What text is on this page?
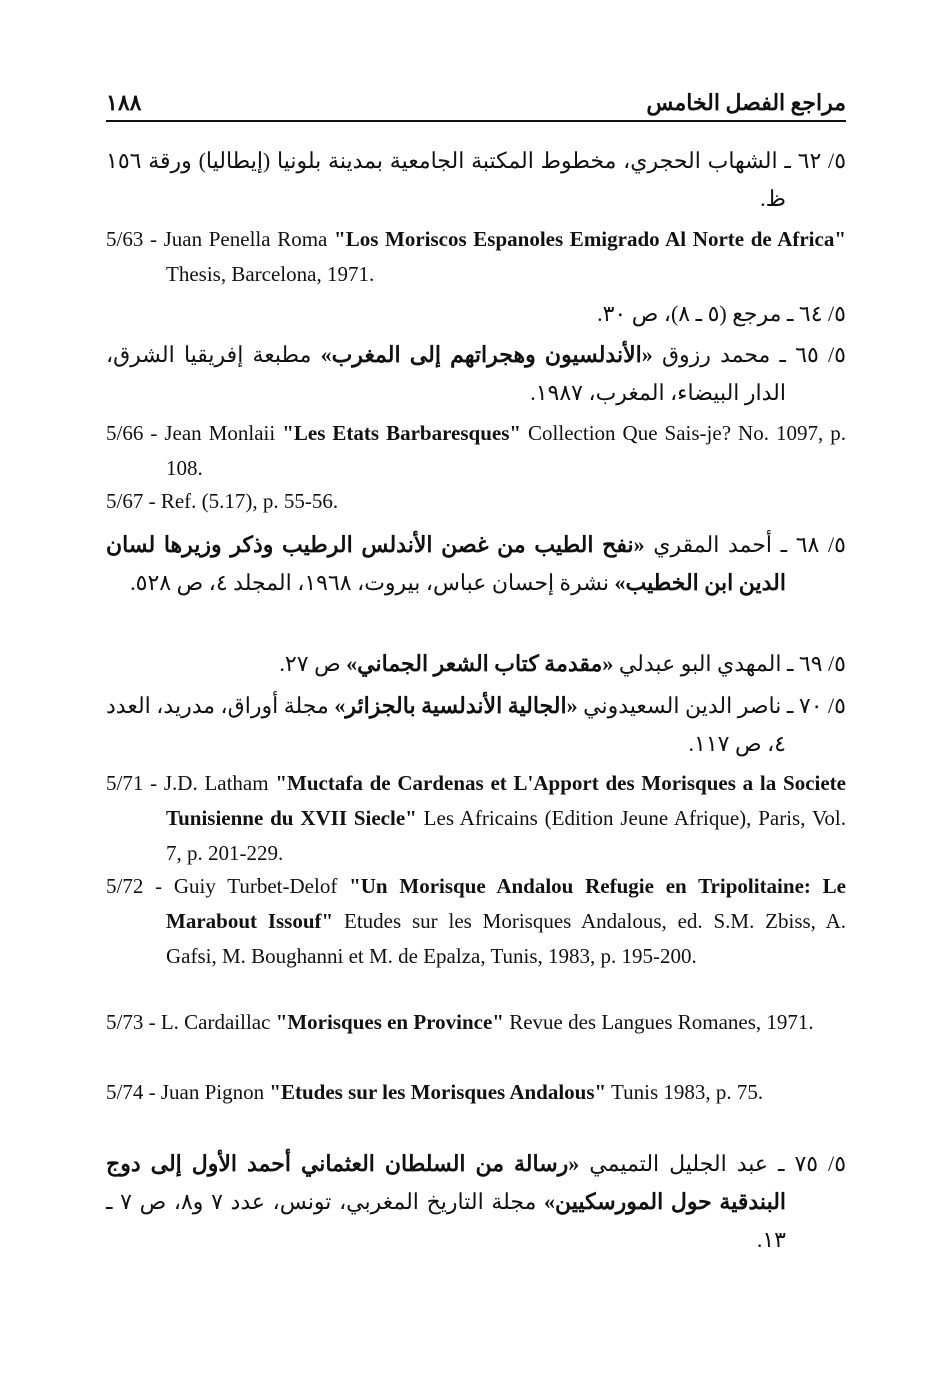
١٨٨	مراجع الفصل الخامس
٥/ ٦٢ ـ الشهاب الحجري، مخطوط المكتبة الجامعية بمدينة بلونيا (إيطاليا) ورقة ١٥٦ ظ.
5/63 - Juan Penella Roma "Los Moriscos Espanoles Emigrado Al Norte de Africa" Thesis, Barcelona, 1971.
٥/ ٦٤ ـ مرجع (٥ ـ ٨)، ص ٣٠.
٥/ ٦٥ ـ محمد رزوق «الأندلسيون وهجراتهم إلى المغرب» مطبعة إفريقيا الشرق، الدار البيضاء، المغرب، ١٩٨٧.
5/66 - Jean Monlaii "Les Etats Barbaresques" Collection Que Sais-je? No. 1097, p. 108.
5/67 - Ref. (5.17), p. 55-56.
٥/ ٦٨ ـ أحمد المقري «نفح الطيب من غصن الأندلس الرطيب وذكر وزيرها لسان الدين ابن الخطيب» نشرة إحسان عباس، بيروت، ١٩٦٨، المجلد ٤، ص ٥٢٨.
٥/ ٦٩ ـ المهدي البو عبدلي «مقدمة كتاب الشعر الجماني» ص ٢٧.
٥/ ٧٠ ـ ناصر الدين السعيدوني «الجالية الأندلسية بالجزائر» مجلة أوراق، مدريد، العدد ٤، ص ١١٧.
5/71 - J.D. Latham "Muctafa de Cardenas et L'Apport des Morisques a la Societe Tunisienne du XVII Siecle" Les Africains (Edition Jeune Afrique), Paris, Vol. 7, p. 201-229.
5/72 - Guiy Turbet-Delof "Un Morisque Andalou Refugie en Tripolitaine: Le Marabout Issouf" Etudes sur les Morisques Andalous, ed. S.M. Zbiss, A. Gafsi, M. Boughanni et M. de Epalza, Tunis, 1983, p. 195-200.
5/73 - L. Cardaillac "Morisques en Province" Revue des Langues Romanes, 1971.
5/74 - Juan Pignon "Etudes sur les Morisques Andalous" Tunis 1983, p. 75.
٥/ ٧٥ ـ عبد الجليل التميمي «رسالة من السلطان العثماني أحمد الأول إلى دوج البندقية حول المورسكيين» مجلة التاريخ المغربي، تونس، عدد ٧ و٨، ص ٧ ـ ١٣.
